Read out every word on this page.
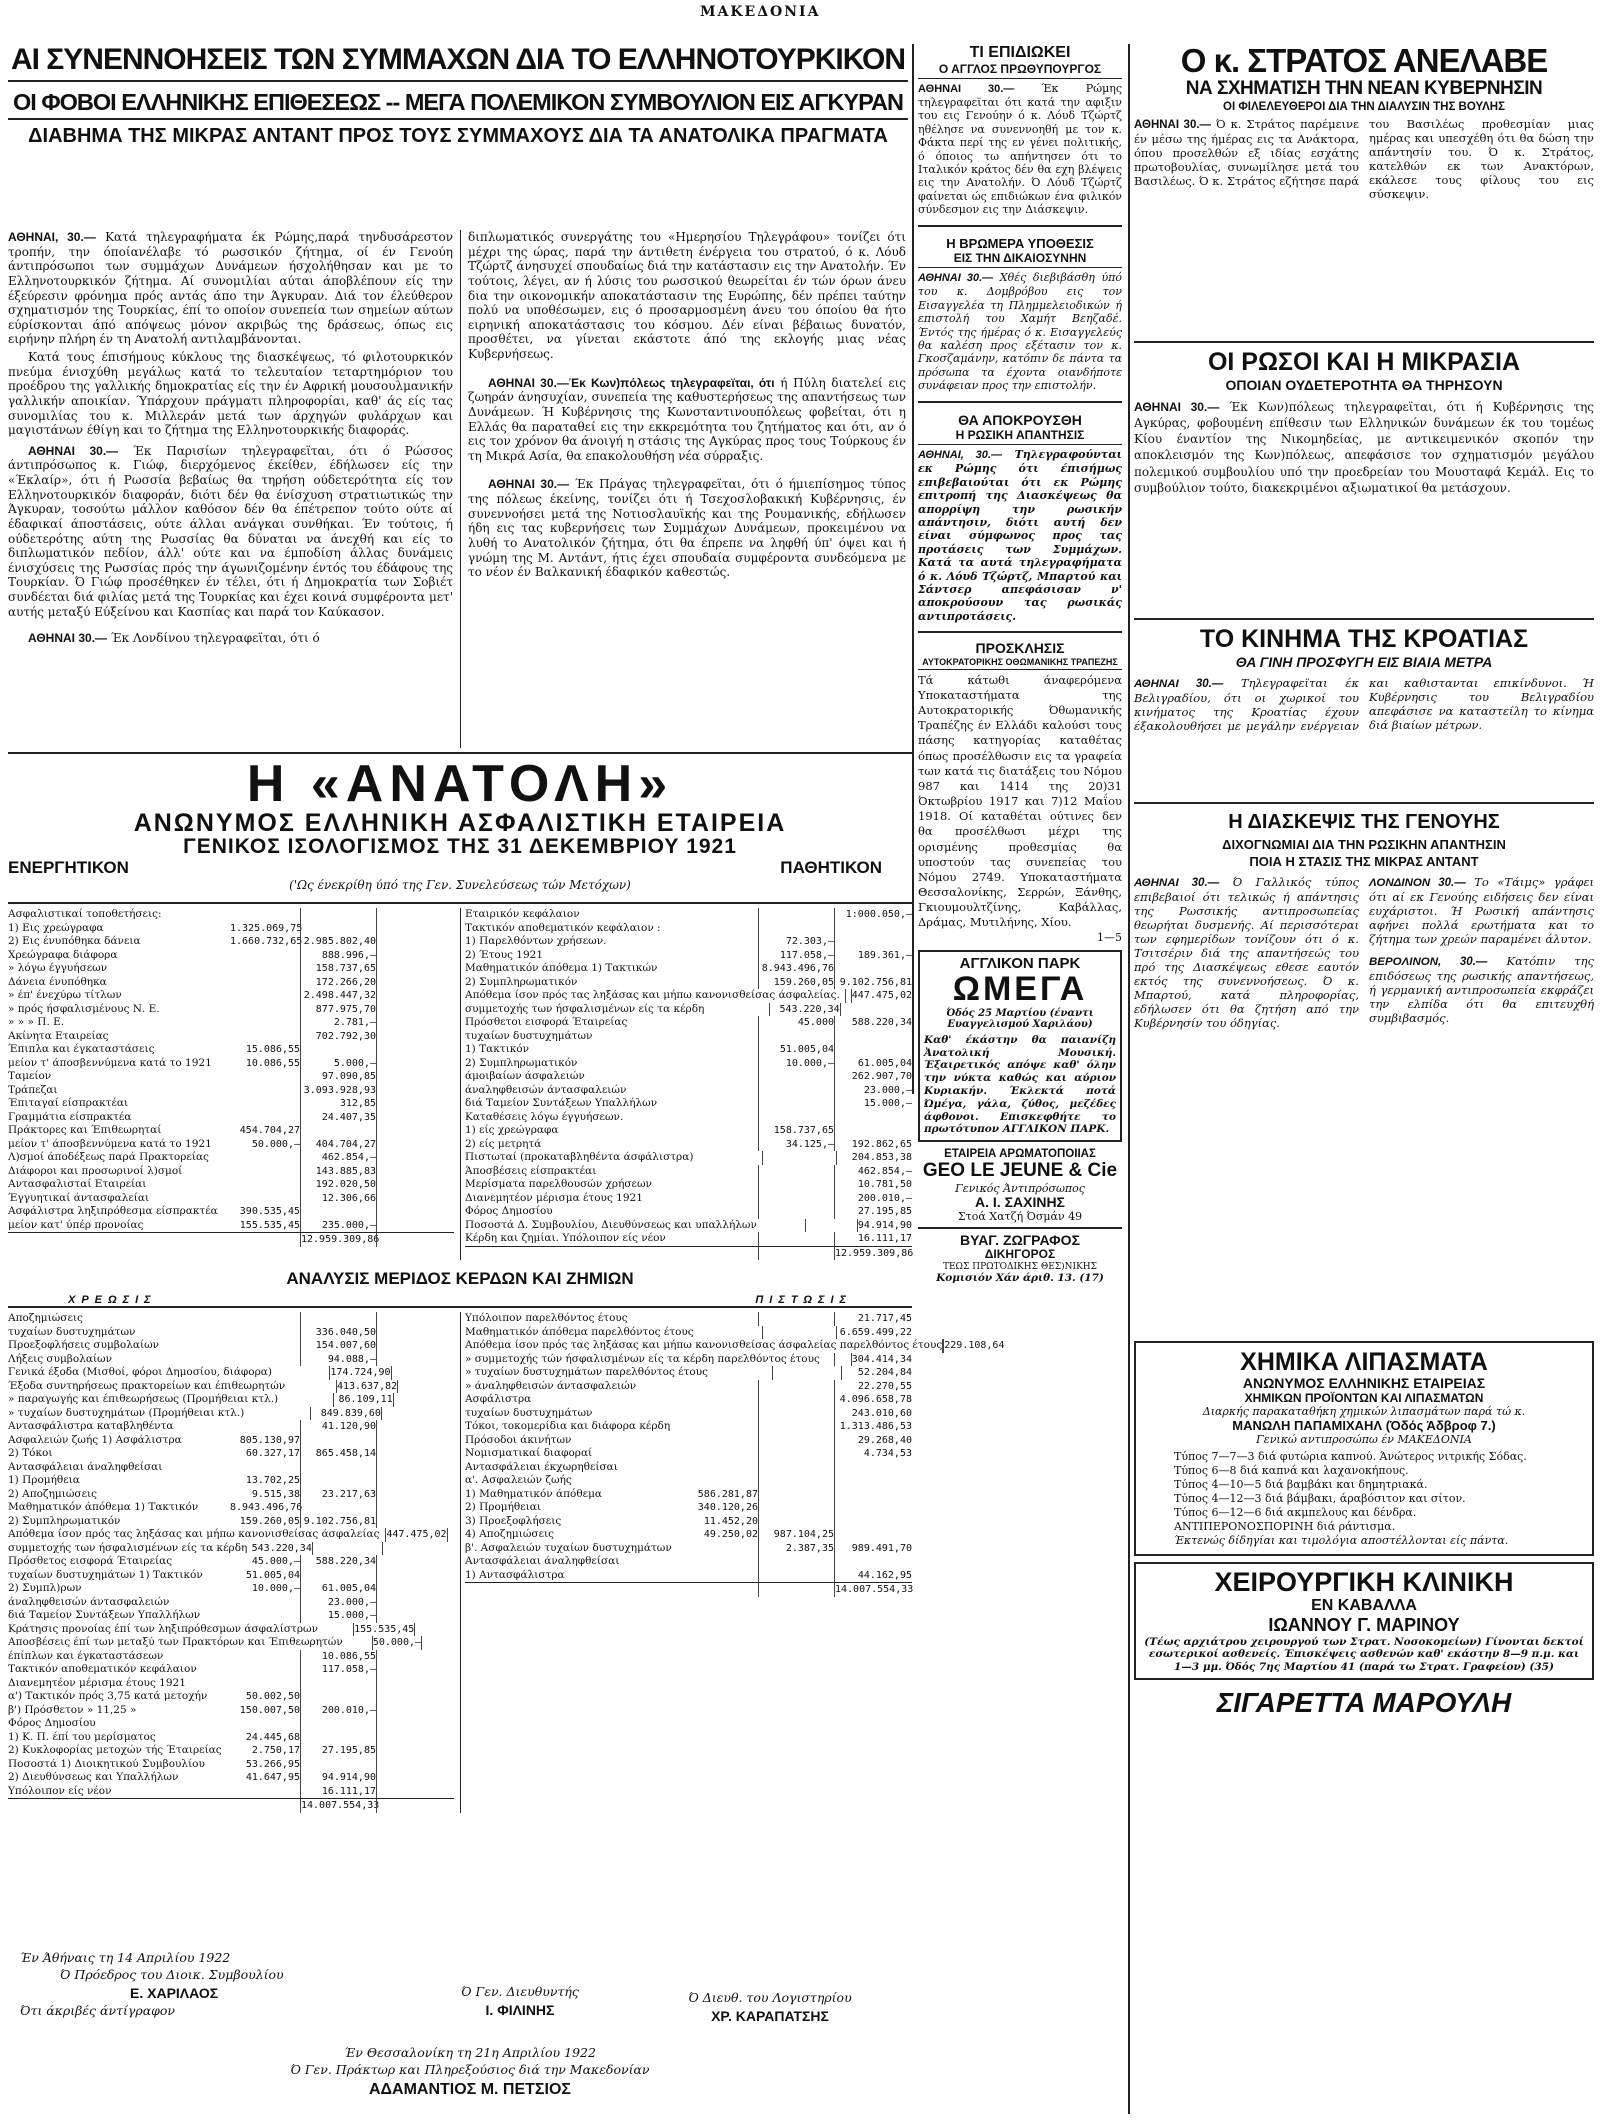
ΜΑΚΕΔΟΝΙΑ
ΑΙ ΣΥΝΕΝΝΟΗΣΕΙΣ ΤΩΝ ΣΥΜΜΑΧΩΝ ΔΙΑ ΤΟ ΕΛΛΗΝΟΤΟΥΡΚΙΚΟΝ
ΟΙ ΦΟΒΟΙ ΕΛΛΗΝΙΚΗΣ ΕΠΙΘΕΣΕΩΣ -- ΜΕΓΑ ΠΟΛΕΜΙΚΟΝ ΣΥΜΒΟΥΛΙΟΝ ΕΙΣ ΑΓΚΥΡΑΝ
ΔΙΑΒΗΜΑ ΤΗΣ ΜΙΚΡΑΣ ΑΝΤΑΝΤ ΠΡΟΣ ΤΟΥΣ ΣΥΜΜΑΧΟΥΣ ΔΙΑ ΤΑ ΑΝΑΤΟΛΙΚΑ ΠΡΑΓΜΑΤΑ

ΑΘΗΝΑΙ, 30.— Κατά τηλεγραφήματα έκ Ρώμης,παρά τηνδυσάρεστον τροπήν, την όποίανέλαβε τό ρωσσικόν ζήτημα, οί έν Γενούη άντιπρόσωποι των συμμάχων Δυνάμεων ήσχολήθησαν και με το Ελληνοτουρκικόν ζήτημα. Αί συνομιλίαι αύται άποβλέπουν είς την έξεύρεσιν φρόνημα πρός αντάς άπο την Άγκυραν. Διά τον έλεύθερον σχηματισμόν της Τουρκίας, έπί το οποίον συνεπεία των σημείων αύτων εύρίσκονται άπό απόψεως μόνον ακριβώς της δράσεως, όπως εις ειρήνην πλήρη έν τη Ανατολή αντιλαμβάνονται.

Κατά τους έπισήμους κύκλους της διασκέψεως, τό φιλοτουρκικόν πνεύμα ένισχύθη μεγάλως κατά το τελευταίον τεταρτημόριον του προέδρου της γαλλικής δημοκρατίας είς την έν Αφρική μουσουλμανικήν γαλλικήν αποικίαν. Ύπάρχουν πράγματι πληροφορίαι, καθ' άς είς τας συνομιλίας του κ. Μιλλεράν μετά των άρχηγών φυλάρχων και μαγιστάνων έθίγη και το ζήτημα της Ελληνοτουρκικής διαφοράς.

ΑΘΗΝΑΙ 30.— Έκ Παρισίων τηλεγραφεϊται, ότι ό Ρώσσος άντιπρόσωπος κ. Γιώφ, διερχόμενος έκείθεν, έδήλωσεν είς την «Έκλαίρ», ότι ή Ρωσσία βεβαίως θα τηρήση ούδετερότητα είς τον Ελληνοτουρκικόν διαφοράν, διότι δέν θα ένίσχυση στρατιωτικώς την Άγκυραν, τοσούτω μάλλον καθόσον δέν θα έπέτρεπον τούτο ούτε αί έδαφικαί άποστάσεις, ούτε άλλαι ανάγκαι συνθήκαι. Έν τούτοις, ή ούδετερότης αύτη της Ρωσσίας θα δύναται να άνεχθή και είς το διπλωματικόν πεδίον, άλλ' ούτε και να έμποδίση άλλας δυνάμεις ένισχύσεις της Ρωσσίας πρός την άγωνιζομένην έντός του έδάφους της Τουρκίαν. Ό Γιώφ προσέθηκεν έν τέλει, ότι ή Δημοκρατία των Σοβιέτ συνδέεται διά φιλίας μετά της Τουρκίας και έχει κοινά συμφέροντα μετ' αυτής μεταξύ Εύξείνου και Κασπίας και παρά τον Καύκασον.

ΑΘΗΝΑΙ 30.— Έκ Λονδίνου τηλεγραφεϊται, ότι ό

διπλωματικός συνεργάτης του «Ημερησίου Τηλεγράφου» τονίζει ότι μέχρι της ώρας, παρά την άντιθετη ένέργεια του στρατού, ό κ. Λόυδ Τζώρτζ άνησυχεί σπουδαίως διά την κατάστασιν εις την Ανατολήν. Έν τούτοις, λέγει, αν ή λύσις του ρωσσικού θεωρείται έν τών όρων άνευ δια την οικονομικήν αποκατάστασιν της Ευρώπης, δέν πρέπει ταύτην πολύ να υποθέσωμεν, εις ό προσαρμοσμένη άνευ του όποίου θα ήτο ειρηνική αποκατάστασις του κόσμου. Δέν είναι βέβαιως δυνατόν, προσθέτει, να γίνεται εκάστοτε άπό της εκλογής μιας νέας Κυβερνήσεως.

ΑΘΗΝΑΙ 30.—Έκ Κων)πόλεως τηλεγραφεϊται, ότι ή Πύλη διατελεί εις ζωηράν άνησυχίαν, συνεπεία της καθυστερήσεως της απαντήσεως των Δυνάμεων. Ή Κυβέρνησις της Κωνσταντινουπόλεως φοβείται, ότι η Ελλάς θα παραταθεί εις την εκκρεμότητα του ζητήματος και ότι, αν ό εις τον χρόνον θα άνοιγή η στάσις της Αγκύρας προς τους Τούρκους έν τη Μικρά Ασία, θα επακολουθήση νέα σύρραξις.

ΑΘΗΝΑΙ 30.— Έκ Πράγας τηλεγραφεϊται, ότι ό ήμιεπίσημος τύπος της πόλεως έκείνης, τονίζει ότι ή Τσεχοσλοβακική Κυβέρνησις, έν συνεννοήσει μετά της Νοτιοσλαυϊκής και της Ρουμανικής, εδήλωσεν ήδη εις τας κυβερνήσεις των Συμμάχων Δυνάμεων, προκειμένου να λυθή το Ανατολικόν ζήτημα, ότι θα έπρεπε να ληφθή ύπ' όψει και ή γνώμη της Μ. Αντάντ, ήτις έχει σπουδαία συμφέροντα συνδεόμενα με το νέον έν Βαλκανική έδαφικόν καθεστώς.

ΤΙ ΕΠΙΔΙΩΚΕΙ
Ο ΑΓΓΛΟΣ ΠΡΩΘΥΠΟΥΡΓΟΣ

ΑΘΗΝΑΙ 30.— Έκ Ρώμης τηλεγραφεϊται ότι κατά την αφιξιν του εις Γενούην ό κ. Λόυδ Τζώρτζ ηθέλησε να συνεννοηθή με τον κ. Φάκτα περί της εν γένει πολιτικής, ό όποιος τω απήντησεν ότι το Ιταλικόν κράτος δέν θα εχη βλέψεις εις την Ανατολήν. Ό Λόυδ Τζώρτζ φαίνεται ώς επιδιώκων ένα φιλικόν σύνδεσμον εις την Διάσκεψιν.

Η ΒΡΩΜΕΡΑ ΥΠΟΘΕΣΙΣ
ΕΙΣ ΤΗΝ ΔΙΚΑΙΟΣΥΝΗΝ

ΑΘΗΝΑΙ 30.— Χθές διεβιβάσθη ύπό του κ. Δομβρόβου εις τον Εισαγγελέα τη Πλημμελειοδικών ή επιστολή του Χαμήτ Βεηζαδέ. Έντός της ήμέρας ό κ. Εισαγγελεύς θα καλέση προς εξέτασιν τον κ. Γκοσζαμάνην, κατόπιν δε πάντα τα πρόσωπα τα έχοντα οιανδήποτε συνάφειαν προς την επιστολήν.

ΘΑ ΑΠΟΚΡΟΥΣΘΗ
Η ΡΩΣΙΚΗ ΑΠΑΝΤΗΣΙΣ

ΑΘΗΝΑΙ, 30.— Τηλεγραφούνται εκ Ρώμης ότι έπισήμως επιβεβαιούται ότι εκ Ρώμης επιτροπή της Διασκέψεως θα απορρίψη την ρωσικήν απάντησιν, διότι αυτή δεν είναι σύμφωνος προς τας προτάσεις των Συμμάχων. Κατά τα αυτά τηλεγραφήματα ό κ. Λόυδ Τζώρτζ, Μπαρτού και Σάντσερ απεφάσισαν ν' αποκρούσουν τας ρωσικάς αντιπροτάσεις.

ΠΡΟΣΚΛΗΣΙΣ
ΑΥΤΟΚΡΑΤΟΡΙΚΗΣ ΟΘΩΜΑΝΙΚΗΣ ΤΡΑΠΕΖΗΣ

Τά κάτωθι άναφερόμενα Υποκαταστήματα της Αυτοκρατορικής Όθωμανικής Τραπέζης έν Ελλάδι καλούσι τους πάσης κατηγορίας καταθέτας όπως προσέλθωσιν εις τα γραφεία των κατά τις διατάξεις του Νόμου 987 και 1414 της 20)31 Όκτωβρίου 1917 και 7)12 Μαΐου 1918. Οί καταθέται ούτινες δεν θα προσέλθωσι μέχρι της ορισμένης προθεσμίας θα υποστούν τας συνεπείας του Νόμου 2749. Υποκαταστήματα Θεσσαλονίκης, Σερρών, Ξάνθης, Γκιουμουλτζίνης, Καβάλλας, Δράμας, Μυτιλήνης, Χίου.

1—5
ΑΓΓΛΙΚΟΝ ΠΑΡΚ
ΩΜΕΓΑ
Όδός 25 Μαρτίου (έναντι Ευαγγελισμού Χαριλάου)

Καθ' έκάστην θα παιανίζη Ἀνατολική Μουσική. Έξαιρετικός απόψε καθ' όλην την νύκτα καθώς και αύριον Κυριακήν. Έκλεκτά ποτά Ώμέγα, γάλα, ζύθος, μεζέδες άφθονοι. Επισκεφθήτε το πρωτότυπον ΑΓΓΛΙΚΟΝ ΠΑΡΚ.

ΕΤΑΙΡΕΙΑ ΑΡΩΜΑΤΟΠΟΙΙΑΣ
GEO LE JEUNE & Cie
Γενικός Άντιπρόσωπος
Α. Ι. ΣΑΧΙΝΗΣ
Στοά Χατζή Όσμάν 49
ΒΥΑΓ. ΖΩΓΡΑΦΟΣ
ΔΙΚΗΓΟΡΟΣ
ΤΕΩΣ ΠΡΩΤΟΔΙΚΗΣ ΘΕΣ)ΝΙΚΗΣ
Κομισιόν Χάν άριθ. 13. (17)
Ο κ. ΣΤΡΑΤΟΣ ΑΝΕΛΑΒΕ
ΝΑ ΣΧΗΜΑΤΙΣΗ ΤΗΝ ΝΕΑΝ ΚΥΒΕΡΝΗΣΙΝ
ΟΙ ΦΙΛΕΛΕΥΘΕΡΟΙ ΔΙΑ ΤΗΝ ΔΙΑΛΥΣΙΝ ΤΗΣ ΒΟΥΛΗΣ

ΑΘΗΝΑΙ 30.— Ό κ. Στράτος παρέμεινε έν μέσω της ήμέρας εις τα Ανάκτορα, όπου προσελθών εξ ιδίας εσχάτης πρωτοβουλίας, συνωμίλησε μετά του Βασιλέως. Ό κ. Στράτος εζήτησε παρά του Βασιλέως προθεσμίαν μιας ημέρας και υπεσχέθη ότι θα δώση την απάντησίν του. Ό κ. Στράτος, κατελθών εκ των Ανακτόρων, εκάλεσε τους φίλους του εις σύσκεψιν.

ΟΙ ΡΩΣΟΙ ΚΑΙ Η ΜΙΚΡΑΣΙΑ
ΟΠΟΙΑΝ ΟΥΔΕΤΕΡΟΤΗΤΑ ΘΑ ΤΗΡΗΣΟΥΝ

ΑΘΗΝΑΙ 30.— Έκ Κων)πόλεως τηλεγραφεϊται, ότι ή Κυβέρνησις της Αγκύρας, φοβουμένη επίθεσιν των Ελληνικών δυνάμεων έκ του τομέως Κίου έναντίον της Νικομηδείας, με αντικειμενικόν σκοπόν την αποκλεισμόν της Κων)πόλεως, απεφάσισε τον σχηματισμόν μεγάλου πολεμικού συμβουλίου υπό την προεδρείαν του Μουσταφά Κεμάλ. Εις το συμβούλιον τούτο, διακεκριμένοι αξιωματικοί θα μετάσχουν.

ΤΟ ΚΙΝΗΜΑ ΤΗΣ ΚΡΟΑΤΙΑΣ
ΘΑ ΓΙΝΗ ΠΡΟΣΦΥΓΗ ΕΙΣ ΒΙΑΙΑ ΜΕΤΡΑ

ΑΘΗΝΑΙ 30.— Τηλεγραφεϊται έκ Βελιγραδίου, ότι οι χωρικοί του κινήματος της Κροατίας έχουν έξακολουθήσει με μεγάλην ενέργειαν και καθιστανται επικίνδυνοι. Ή Κυβέρνησις του Βελιγραδίου απεφάσισε να καταστείλη το κίνημα διά βιαίων μέτρων.

Η ΔΙΑΣΚΕΨΙΣ ΤΗΣ ΓΕΝΟΥΗΣ
ΔΙΧΟΓΝΩΜΙΑΙ ΔΙΑ ΤΗΝ ΡΩΣΙΚΗΝ ΑΠΑΝΤΗΣΙΝ
ΠΟΙΑ Η ΣΤΑΣΙΣ ΤΗΣ ΜΙΚΡΑΣ ΑΝΤΑΝΤ

ΑΘΗΝΑΙ 30.— Ό Γαλλικός τύπος επιβεβαιοί ότι τελικώς ή απάντησις της Ρωσσικής αντιπροσωπείας θεωρήται δυσμενής. Αί περισσότεραι των εφημερίδων τονίζουν ότι ό κ. Τσιτσέριν διά της απαντήσεώς του πρό της Διασκέψεως εθεσε εαυτόν εκτός της συνεννοήσεως. Ό κ. Μπαρτού, κατά πληροφορίας, εδήλωσεν ότι θα ζητήση από την Κυβέρνησίν του όδηγίας.

ΛΟΝΔΙΝΟΝ 30.— Το «Τάιμς» γράφει ότι αί εκ Γενούης ειδήσεις δεν είναι ευχάριστοι. Ή Ρωσική απάντησις αφήνει πολλά ερωτήματα και το ζήτημα των χρεών παραμένει άλυτον.

ΒΕΡΟΛΙΝΟΝ, 30.— Κατόπιν της επιδόσεως της ρωσικής απαντήσεως, ή γερμανική αντιπροσωπεία εκφράζει την ελπίδα ότι θα επιτευχθή συμβιβασμός.

ΧΗΜΙΚΑ ΛΙΠΑΣΜΑΤΑ
ΑΝΩΝΥΜΟΣ ΕΛΛΗΝΙΚΗΣ ΕΤΑΙΡΕΙΑΣ
ΧΗΜΙΚΩΝ ΠΡΟΪΟΝΤΩΝ ΚΑΙ ΛΙΠΑΣΜΑΤΩΝ
Διαρκής παρακαταθήκη χημικών λιπασμάτων παρά τώ κ.
ΜΑΝΩΛΗ ΠΑΠΑΜΙΧΑΗΛ (Όδός Άδβροφ 7.)
Γενικώ αντιπροσώπω έν ΜΑΚΕΔΟΝΙΑ
Τύπος 7—7—3 διά φυτώρια καπνού. Άνώτερος νιτρικής Σόδας.
Τύπος 6—8 διά καπνά και λαχανοκήπους.
Τύπος 4—10—5 διά βαμβάκι και δημητριακά.
Τύπος 4—12—3 διά βάμβακι, άραβόσιτον και σίτον.
Τύπος 6—12—6 διά ακμπελους και δένδρα.
ΑΝΤΙΠΕΡΟΝΟΣΠΟΡΙΝΗ διά ράντισμα.
Έκτενώς δίδηγίαι και τιμολόγια αποστέλλονται είς πάντα.
ΧΕΙΡΟΥΡΓΙΚΗ ΚΛΙΝΙΚΗ
ΕΝ ΚΑΒΑΛΛΑ
ΙΩΑΝΝΟΥ Γ. ΜΑΡΙΝΟΥ

(Τέως αρχιάτρου χειρουργού των Στρατ. Νοσοκομείων) Γίνονται δεκτοί εσωτερικοί ασθενείς. Έπισκέψεις ασθενών καθ' εκάστην 8—9 π.μ. και 1—3 μμ. Όδός 7ης Μαρτίου 41 (παρά τω Στρατ. Γραφείον) (35)

ΣΙΓΑΡΕΤΤΑ ΜΑΡΟΥΛΗ
Η «ΑΝΑΤΟΛΗ»
ΑΝΩΝΥΜΟΣ ΕΛΛΗΝΙΚΗ ΑΣΦΑΛΙΣΤΙΚΗ ΕΤΑΙΡΕΙΑ
ΓΕΝΙΚΟΣ ΙΣΟΛΟΓΙΣΜΟΣ ΤΗΣ 31 ΔΕΚΕΜΒΡΙΟΥ 1921
ΕΝΕΡΓΗΤΙΚΟΝ	ΠΑΘΗΤΙΚΟΝ
('Ως ένεκρίθη ύπό της Γεν. Συνελεύσεως τών Μετόχων)
Ασφαλιστικαί τοποθετήσεις:
1) Εις χρεώγραφα	1.325.069,75
2) Εις ένυπόθηκα δάνεια	1.660.732,65 2.985.802,40
Χρεώγραφα διάφορα	888.996,—
» λόγω έγγυήσεων	158.737,65
Δάνεια ένυπόθηκα	172.266,20
» έπ' ένεχύρω τίτλων	2.498.447,32
» πρός ήσφαλισμένους Ν. Ε.	877.975,70
» » » Π. Ε.	2.781,—
Ακίνητα Εταιρείας	702.792,30
Έπιπλα και έγκαταστάσεις	15.086,55
μείον τ' άποσβεννύμενα κατά το 1921	10.086,55	5.000,—
Ταμείον	97.090,85
Τράπεζαι	3.093.928,93
Έπιταγαί είσπρακτέαι	312,85
Γραμμάτια είσπρακτέα	24.407,35
Πράκτορες και Έπιθεωρηταί	454.704,27
μείον τ' άποσβεννύμενα κατά το 1921	50.000,—	404.704,27
Λ)σμοί άποδέξεως παρά Πρακτορείας	462.854,—
Διάφοροι και προσωρινοί λ)σμοί	143.885,83
Αντασφαλισταί Εταιρείαι	192.020,50
Έγγυητικαί άντασφαλείαι	12.306,66
Ασφάλιστρα ληξιπρόθεσμα είσπρακτέα	390.535,45
μείον κατ' ύπέρ προνοίας	155.535,45	235.000,—
12.959.309,86
Εταιρικόν κεφάλαιον	1:000.050,—
Τακτικόν αποθεματικόν κεφάλαιον :
1) Παρελθόντων χρήσεων.	72.303,—
2) Έτους 1921	117.058,—	189.361,—
Μαθηματικόν άπόθεμα 1) Τακτικών	8.943.496,76
2) Συμπληρωματικόν	159.260,05 9.102.756,81
Απόθεμα ίσον πρός τας ληξάσας και μήπω κανονισθείσας άσφαλείας. 447.475,02
συμμετοχής των ήσφαλισμένων είς τα κέρδη	543.220,34
Πρόσθετοι εισφορά Έταιρείας	45.000	588.220,34
τυχαίων δυστυχημάτων
1) Τακτικόν	51.005,04
2) Συμπληρωματικόν	10.000,—	61.005,04
άμοιβαίων άσφαλειών	262.907,70
άναληφθεισών άντασφαλειών	23.000,—
διά Ταμείον Συντάξεων Υπαλλήλων	15.000,—
Καταθέσεις λόγω έγγυήσεων.
1) είς χρεώγραφα	158.737,65
2) είς μετρητά	34.125,—	192.862,65
Πιστωταί (προκαταβληθέντα άσφάλιστρα)	204.853,38
Άποσβέσεις είσπρακτέαι	462.854,—
Μερίσματα παρελθουσών χρήσεων	10.781,50
Διανεμητέον μέρισμα έτους 1921	200.010,—
Φόρος Δημοσίου	27.195,85
Ποσοστά Δ. Συμβουλίου, Διευθύνσεως και υπαλλήλων	94.914,90
Κέρδη και ζημίαι. Υπόλοιπον είς νέον	16.111,17
12.959.309,86
ΑΝΑΛΥΣΙΣ ΜΕΡΙΔΟΣ ΚΕΡΔΩΝ ΚΑΙ ΖΗΜΙΩΝ
ΧΡΕΩΣΙΣ	ΠΙΣΤΩΣΙΣ
Αποζημιώσεις
τυχαίων δυστυχημάτων	336.040,50
Προεξοφλήσεις συμβολαίων	154.007,60
Λήξεις συμβολαίων	94.088,—
Γενικά έξοδα (Μισθοί, φόροι Δημοσίου, διάφορα)	174.724,90
Έξοδα συντηρήσεως πρακτορείων και έπιθεωρητών	413.637,82
» παραγωγής και έπιθεωρήσεως (Προμήθειαι κτλ.)	86.109,11
» τυχαίων δυστυχημάτων (Προμήθειαι κτλ.)	849.839,60
Αντασφάλιστρα καταβληθέντα	41.120,90
Ασφαλειών ζωής 1) Ασφάλιστρα	805.130,97
2) Τόκοι	60.327,17	865.458,14
Αντασφάλειαι άναληφθείσαι
1) Προμήθεια	13.702,25
2) Αποζημιώσεις	9.515,38	23.217,63
Μαθηματικόν άπόθεμα 1) Τακτικόν	8.943.496,76
2) Συμπληρωματικόν	159.260,05 9.102.756,81
Απόθεμα ίσον πρός τας ληξάσας και μήπω κανονισθείσας άσφαλείας 447.475,02
συμμετοχής των ήσφαλισμένων είς τα κέρδη 543.220,34
Πρόσθετος εισφορά Έταιρείας	45.000,—	588.220,34
τυχαίων δυστυχημάτων 1) Τακτικόν	51.005,04
2) Συμπλ)ρων	10.000,—	61.005,04
άναληφθεισών άντασφαλειών	23.000,—
διά Ταμείον Συντάξεων Υπαλλήλων	15.000,—
Κράτησις προνοίας έπί των ληξιπρόθεσμων άσφαλίστρων	155.535,45
Αποσβέσεις έπί των μεταξύ των Πρακτόρων και Έπιθεωρητών	50.000,—
έπίπλων και έγκαταστάσεων	10.086,55
Τακτικόν αποθεματικόν κεφάλαιον	117.058,—
Διανεμητέον μέρισμα έτους 1921
α') Τακτικόν πρός 3,75 κατά μετοχήν	50.002,50
β') Πρόσθετον » 11,25 »	150.007,50	200.010,—
Φόρος Δημοσίου
1) Κ. Π. έπί του μερίσματος	24.445,68
2) Κυκλοφορίας μετοχών τής Έταιρείας	2.750,17	27.195,85
Ποσοστά 1) Διοικητικού Συμβουλίου	53.266,95
2) Διευθύνσεως και Υπαλλήλων	41.647,95	94.914,90
Υπόλοιπον είς νέον	16.111,17
14.007.554,33
Υπόλοιπον παρελθόντος έτους	21.717,45
Μαθηματικόν άπόθεμα παρελθόντος έτους	6.659.499,22
Απόθεμα ίσον πρός τας ληξάσας και μήπω κανονισθείσας άσφαλείας παρελθόντος έτους 229.108,64
» συμμετοχής τών ήσφαλισμένων είς τα κέρδη παρελθόντος έτους	304.414,34
» τυχαίων δυστυχημάτων παρελθόντος έτους	52.204,84
» άναληφθεισών άντασφαλειών	22.270,55
Ασφάλιστρα	4.096.658,78
τυχαίων δυστυχημάτων	243.010,60
Τόκοι, τοκομερίδια και διάφορα κέρδη	1.313.486,53
Πρόσοδοι άκινήτων	29.268,40
Νομισματικαί διαφοραί	4.734,53
Αντασφάλειαι έκχωρηθείσαι
α'. Ασφαλειών ζωής
1) Μαθηματικόν άπόθεμα	586.281,87
2) Προμήθειαι	340.120,26
3) Προεξοφλήσεις	11.452,20
4) Αποζημιώσεις	49.250,02	987.104,25
β'. Ασφαλειών τυχαίων δυστυχημάτων	2.387,35	989.491,70
Αντασφάλειαι άναληφθείσαι
1) Αντασφάλιστρα	44.162,95
14.007.554,33
Έν Άθήναις τη 14 Απριλίου 1922
Ό Πρόεδρος του Διοικ. Συμβουλίου
Ε. ΧΑΡΙΛΑΟΣ
Ότι άκριβές άντίγραφον
Ό Γεν. Διευθυντής
Ι. ΦΙΛΙΝΗΣ
Ό Διευθ. του Λογιστηρίου
ΧΡ. ΚΑΡΑΠΑΤΣΗΣ
Έν Θεσσαλονίκη τη 21η Απριλίου 1922
Ό Γεν. Πράκτωρ και Πληρεξούσιος διά την Μακεδονίαν
ΑΔΑΜΑΝΤΙΟΣ Μ. ΠΕΤΣΙΟΣ
